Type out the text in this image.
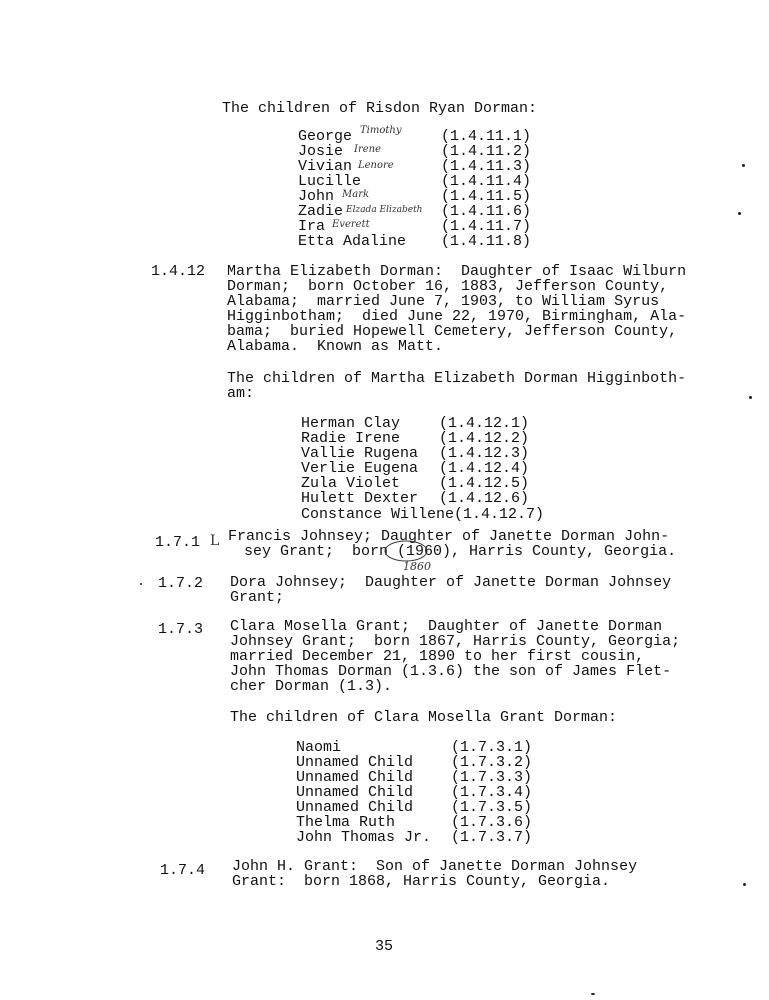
The children of Risdon Ryan Dorman:
George Timothy	(1.4.11.1)
Josie Irene	(1.4.11.2)
Vivian Lenore	(1.4.11.3)
Lucille	(1.4.11.4)
John Mark	(1.4.11.5)
Zadie Elzada Elizabeth (1.4.11.6)
Ira Everett	(1.4.11.7)
Etta Adaline (1.4.11.8)
1.4.12 Martha Elizabeth Dorman:  Daughter of Isaac Wilburn
Dorman;  born October 16, 1883, Jefferson County,
Alabama;  married June 7, 1903, to William Syrus
Higginbotham;  died June 22, 1970, Birmingham, Ala-
bama;  buried Hopewell Cemetery, Jefferson County,
Alabama.  Known as Matt.
The children of Martha Elizabeth Dorman Higginboth-
am:
Herman Clay	(1.4.12.1)
Radie Irene	(1.4.12.2)
Vallie Rugena (1.4.12.3)
Verlie Eugena (1.4.12.4)
Zula Violet	(1.4.12.5)
Hulett Dexter (1.4.12.6)
Constance Willene(1.4.12.7)
1.7.1 L Francis Johnsey; Daughter of Janette Dorman John-
sey Grant;  born (1960), Harris County, Georgia.
1860
1.7.2 Dora Johnsey;  Daughter of Janette Dorman Johnsey
Grant;
1.7.3 Clara Mosella Grant;  Daughter of Janette Dorman
Johnsey Grant;  born 1867, Harris County, Georgia;
married December 21, 1890 to her first cousin,
John Thomas Dorman (1.3.6) the son of James Flet-
cher Dorman (1.3).
The children of Clara Mosella Grant Dorman:
Naomi	(1.7.3.1)
Unnamed Child	(1.7.3.2)
Unnamed Child	(1.7.3.3)
Unnamed Child	(1.7.3.4)
Unnamed Child	(1.7.3.5)
Thelma Ruth	(1.7.3.6)
John Thomas Jr. (1.7.3.7)
1.7.4 John H. Grant:  Son of Janette Dorman Johnsey
Grant:  born 1868, Harris County, Georgia.
35
